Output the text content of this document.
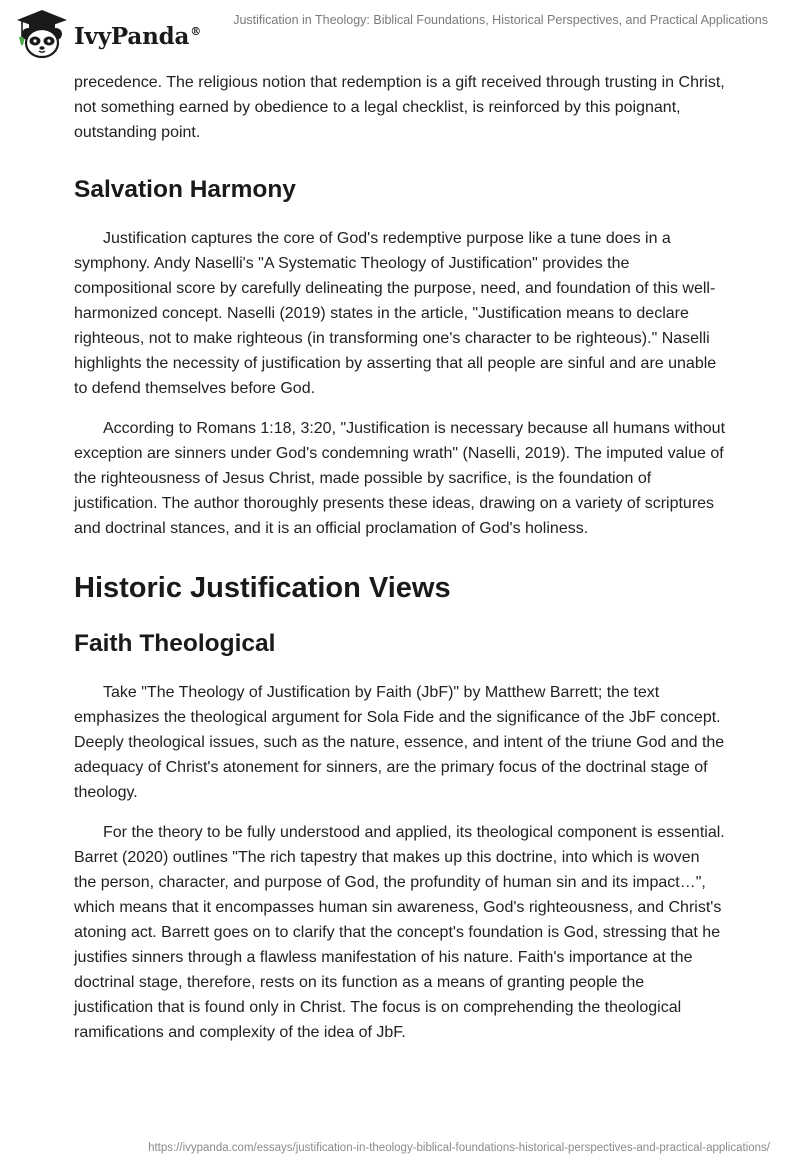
IvyPanda®
Justification in Theology: Biblical Foundations, Historical Perspectives, and Practical Applications

precedence. The religious notion that redemption is a gift received through trusting in Christ, not something earned by obedience to a legal checklist, is reinforced by this poignant, outstanding point.

Salvation Harmony

Justification captures the core of God's redemptive purpose like a tune does in a symphony. Andy Naselli's "A Systematic Theology of Justification" provides the compositional score by carefully delineating the purpose, need, and foundation of this well-harmonized concept. Naselli (2019) states in the article, "Justification means to declare righteous, not to make righteous (in transforming one's character to be righteous)." Naselli highlights the necessity of justification by asserting that all people are sinful and are unable to defend themselves before God.

According to Romans 1:18, 3:20, "Justification is necessary because all humans without exception are sinners under God's condemning wrath" (Naselli, 2019). The imputed value of the righteousness of Jesus Christ, made possible by sacrifice, is the foundation of justification. The author thoroughly presents these ideas, drawing on a variety of scriptures and doctrinal stances, and it is an official proclamation of God's holiness.

Historic Justification Views
Faith Theological

Take "The Theology of Justification by Faith (JbF)" by Matthew Barrett; the text emphasizes the theological argument for Sola Fide and the significance of the JbF concept. Deeply theological issues, such as the nature, essence, and intent of the triune God and the adequacy of Christ's atonement for sinners, are the primary focus of the doctrinal stage of theology.

For the theory to be fully understood and applied, its theological component is essential. Barret (2020) outlines "The rich tapestry that makes up this doctrine, into which is woven the person, character, and purpose of God, the profundity of human sin and its impact…", which means that it encompasses human sin awareness, God's righteousness, and Christ's atoning act. Barrett goes on to clarify that the concept's foundation is God, stressing that he justifies sinners through a flawless manifestation of his nature. Faith's importance at the doctrinal stage, therefore, rests on its function as a means of granting people the justification that is found only in Christ. The focus is on comprehending the theological ramifications and complexity of the idea of JbF.

https://ivypanda.com/essays/justification-in-theology-biblical-foundations-historical-perspectives-and-practical-applications/
